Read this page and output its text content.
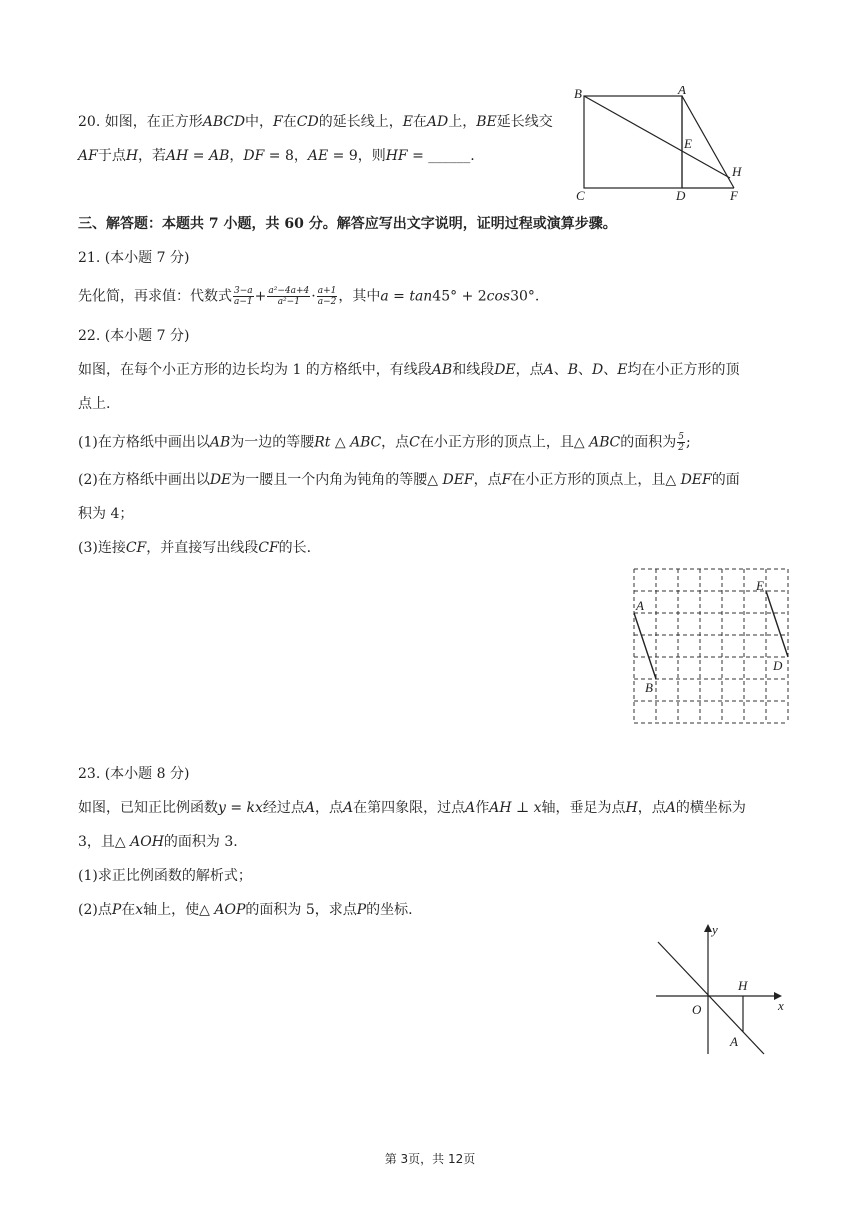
20. 如图，在正方形𝐴𝐵𝐶𝐷中，𝐹在𝐶𝐷的延长线上，𝐸在𝐴𝐷上，𝐵𝐸延长线交
𝐴𝐹于点𝐻，若𝐴𝐻 = 𝐴𝐵，𝐷𝐹 = 8，𝐴𝐸 = 9，则𝐻𝐹 = ______.
B	A
E
H
C	D	F
三、解答题：本题共 7 小题，共 60 分。解答应写出文字说明，证明过程或演算步骤。
21. (本小题 7 分)
先化简，再求值：代数式 $\frac{\text{3−𝑎}}{\text{𝑎−1}} + \frac{\text{𝑎²−4𝑎+4}}{\text{𝑎²−1}} \cdot \frac{\text{𝑎+1}}{\text{𝑎−2}}$ ，其中𝑎 = 𝑡𝑎𝑛45° + 2𝑐𝑜𝑠30°.
22. (本小题 7 分)
如图，在每个小正方形的边长均为 1 的方格纸中，有线段𝐴𝐵和线段𝐷𝐸，点𝐴、𝐵、𝐷、𝐸均在小正方形的顶
点上.
(1)在方格纸中画出以𝐴𝐵为一边的等腰𝑅𝑡 △ 𝐴𝐵𝐶，点𝐶在小正方形的顶点上，且△ 𝐴𝐵𝐶的面积为 $\frac{5}{2}$ ;
(2)在方格纸中画出以𝐷𝐸为一腰且一个内角为钝角的等腰△ 𝐷𝐸𝐹，点𝐹在小正方形的顶点上，且△ 𝐷𝐸𝐹的面
积为 4；
(3)连接𝐶𝐹，并直接写出线段𝐶𝐹的长.
A
B
E
D
23. (本小题 8 分)
如图，已知正比例函数𝑦 = 𝑘𝑥经过点𝐴，点𝐴在第四象限，过点𝐴作𝐴𝐻 ⊥ 𝑥轴，垂足为点𝐻，点𝐴的横坐标为
3，且△ 𝐴𝑂𝐻的面积为 3.
(1)求正比例函数的解析式；
(2)点𝑃在𝑥轴上，使△ 𝐴𝑂𝑃的面积为 5，求点𝑃的坐标.
y
x
O
H
A
第 3页，共 12页
